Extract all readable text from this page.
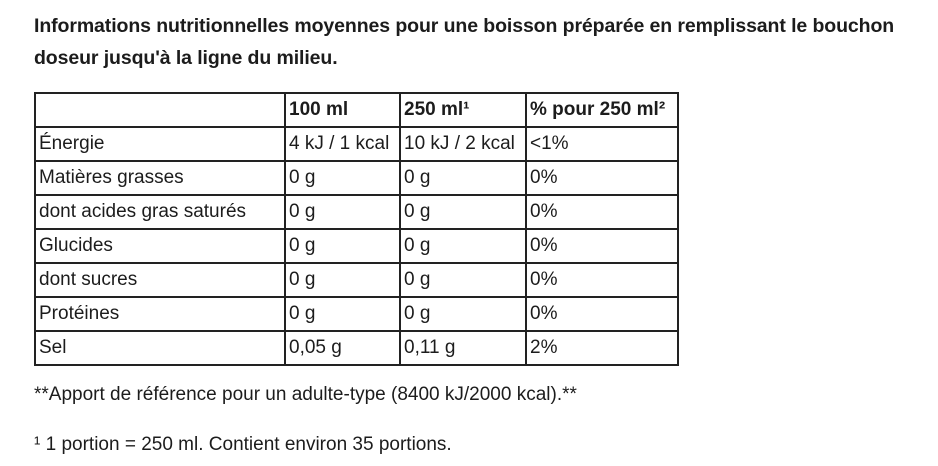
Informations nutritionnelles moyennes pour une boisson préparée en remplissant le bouchon doseur jusqu'à la ligne du milieu.
	100 ml	250 ml¹	% pour 250 ml²
Énergie	4 kJ / 1 kcal	10 kJ / 2 kcal	<1%
Matières grasses	0 g	0 g	0%
dont acides gras saturés	0 g	0 g	0%
Glucides	0 g	0 g	0%
dont sucres	0 g	0 g	0%
Protéines	0 g	0 g	0%
Sel	0,05 g	0,11 g	2%
**Apport de référence pour un adulte-type (8400 kJ/2000 kcal).**
¹ 1 portion = 250 ml. Contient environ 35 portions.
